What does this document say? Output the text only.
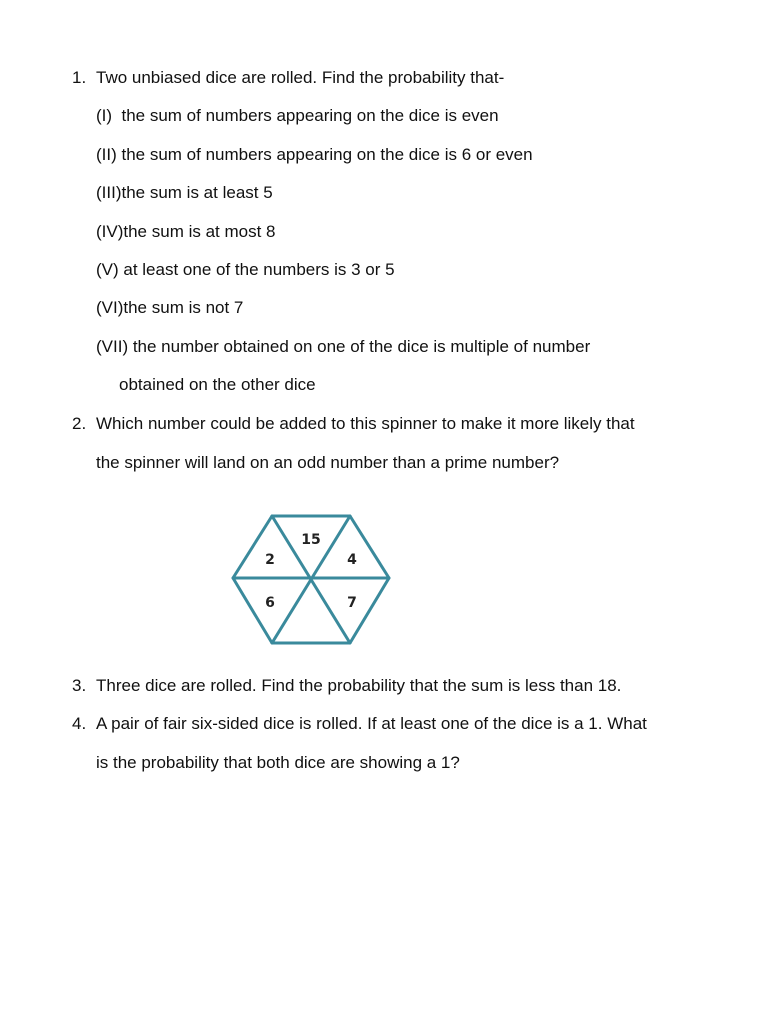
1. Two unbiased dice are rolled. Find the probability that-
(I)  the sum of numbers appearing on the dice is even
(II) the sum of numbers appearing on the dice is 6 or even
(III)the sum is at least 5
(IV)the sum is at most 8
(V) at least one of the numbers is 3 or 5
(VI)the sum is not 7
(VII) the number obtained on one of the dice is multiple of number
obtained on the other dice
2. Which number could be added to this spinner to make it more likely that
the spinner will land on an odd number than a prime number?
15
4
7
6
2
3. Three dice are rolled. Find the probability that the sum is less than 18.
4. A pair of fair six-sided dice is rolled. If at least one of the dice is a 1. What
is the probability that both dice are showing a 1?
